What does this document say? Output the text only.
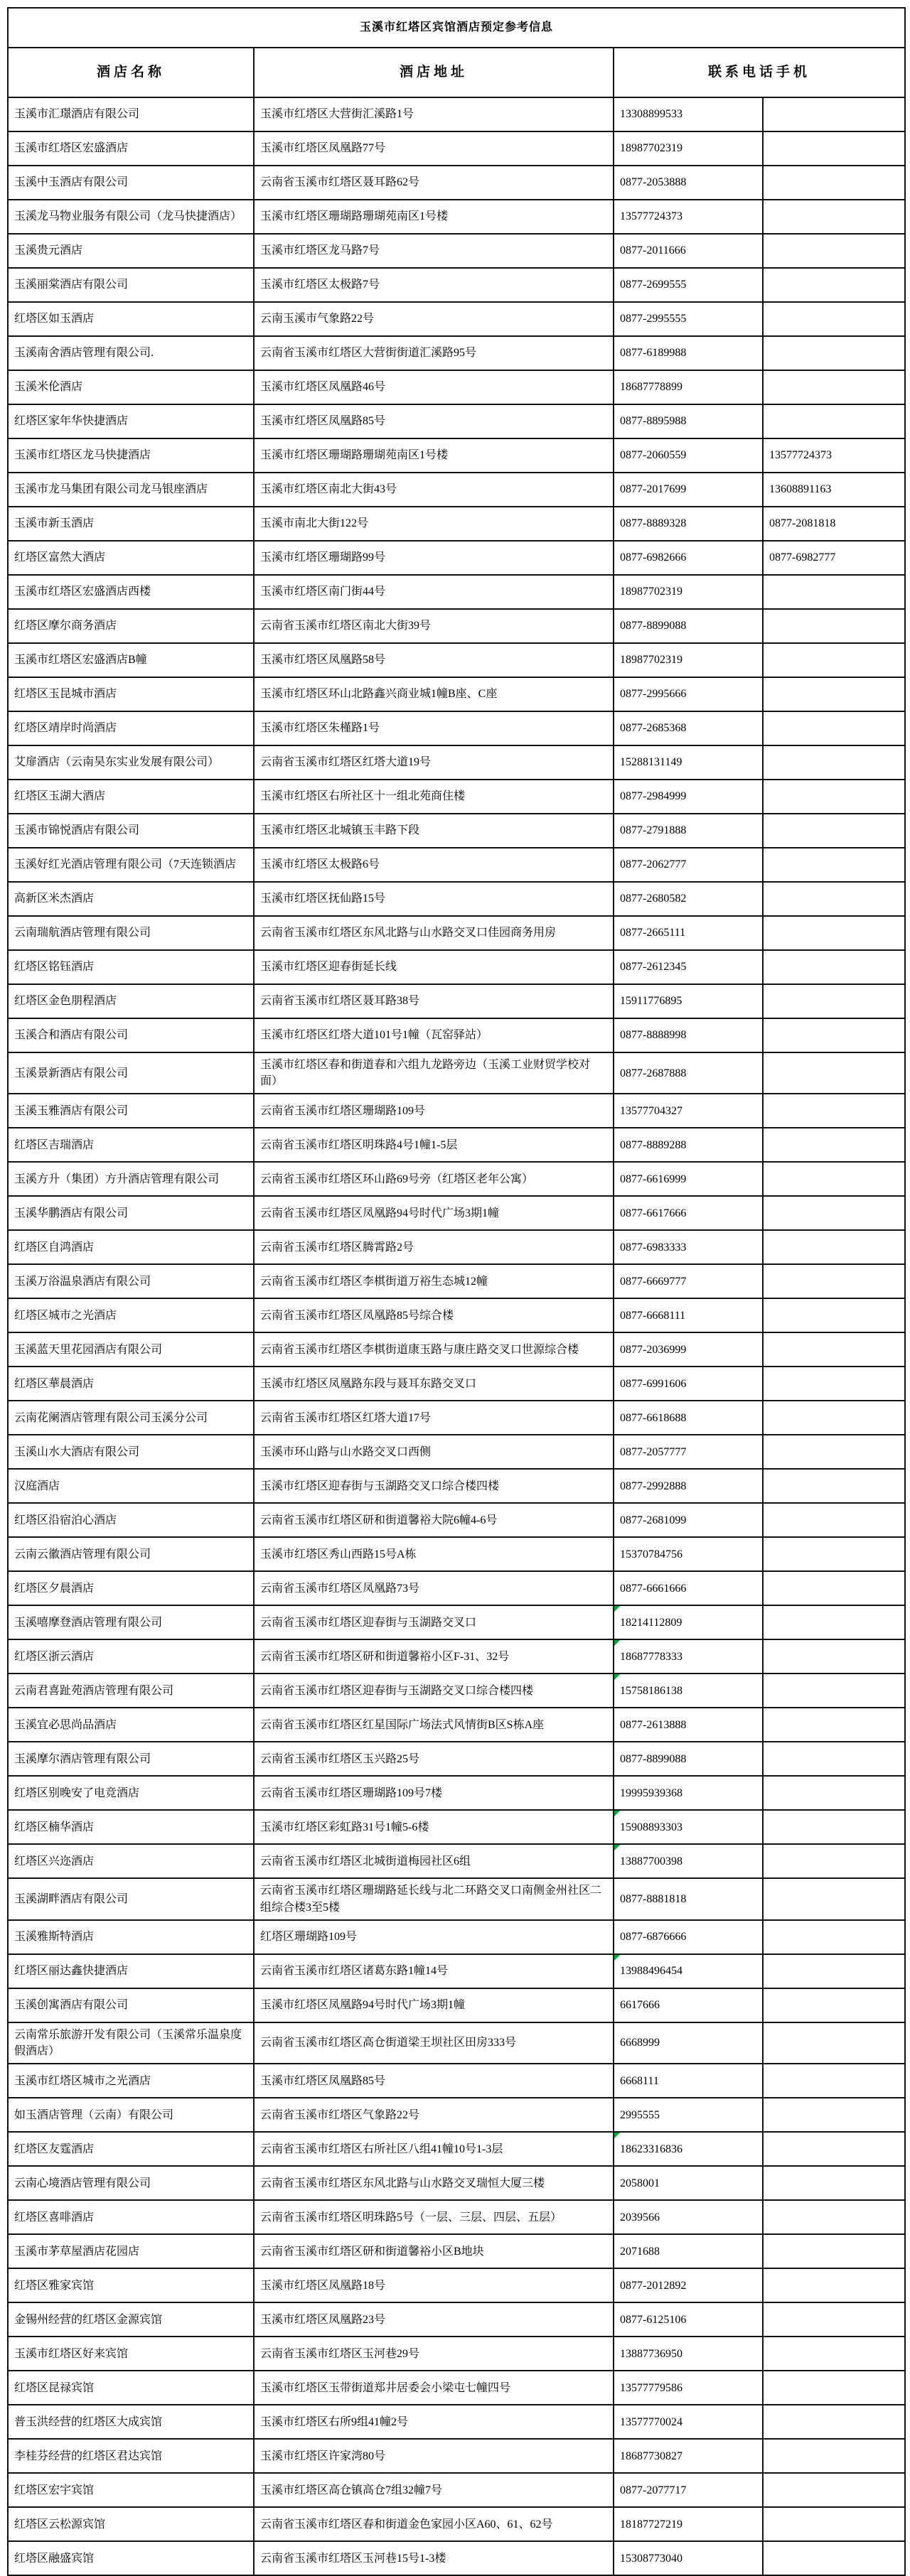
玉溪市红塔区宾馆酒店预定参考信息			
酒店名称	酒店地址	联系电话手机	
玉溪市汇璟酒店有限公司	玉溪市红塔区大营街汇溪路1号	13308899533	
玉溪市红塔区宏盛酒店	玉溪市红塔区凤凰路77号	18987702319	
玉溪中玉酒店有限公司	云南省玉溪市红塔区聂耳路62号	0877-2053888	
玉溪龙马物业服务有限公司（龙马快捷酒店）	玉溪市红塔区珊瑚路珊瑚苑南区1号楼	13577724373	
玉溪贵元酒店	玉溪市红塔区龙马路7号	0877-2011666	
玉溪丽棠酒店有限公司	玉溪市红塔区太极路7号	0877-2699555	
红塔区如玉酒店	云南玉溪市气象路22号	0877-2995555	
玉溪南舍酒店管理有限公司.	云南省玉溪市红塔区大营街街道汇溪路95号	0877-6189988	
玉溪米伦酒店	玉溪市红塔区凤凰路46号	18687778899	
红塔区家年华快捷酒店	玉溪市红塔区凤凰路85号	0877-8895988	
玉溪市红塔区龙马快捷酒店	玉溪市红塔区珊瑚路珊瑚苑南区1号楼	0877-2060559	13577724373
玉溪市龙马集团有限公司龙马银座酒店	玉溪市红塔区南北大街43号	0877-2017699	13608891163
玉溪市新玉酒店	玉溪市南北大街122号	0877-8889328	0877-2081818
红塔区富然大酒店	玉溪市红塔区珊瑚路99号	0877-6982666	0877-6982777
玉溪市红塔区宏盛酒店西楼	玉溪市红塔区南门街44号	18987702319	
红塔区摩尔商务酒店	云南省玉溪市红塔区南北大街39号	0877-8899088	
玉溪市红塔区宏盛酒店B幢	玉溪市红塔区凤凰路58号	18987702319	
红塔区玉昆城市酒店	玉溪市红塔区环山北路鑫兴商业城1幢B座、C座	0877-2995666	
红塔区靖岸时尚酒店	玉溪市红塔区朱槿路1号	0877-2685368	
艾扉酒店（云南昊东实业发展有限公司）	云南省玉溪市红塔区红塔大道19号	15288131149	
红塔区玉湖大酒店	玉溪市红塔区右所社区十一组北苑商住楼	0877-2984999	
玉溪市锦悦酒店有限公司	玉溪市红塔区北城镇玉丰路下段	0877-2791888	
玉溪好红光酒店管理有限公司（7天连锁酒店	玉溪市红塔区太极路6号	0877-2062777	
高新区米杰酒店	玉溪市红塔区抚仙路15号	0877-2680582	
云南瑞航酒店管理有限公司	云南省玉溪市红塔区东风北路与山水路交叉口佳园商务用房	0877-2665111	
红塔区铭钰酒店	玉溪市红塔区迎春街延长线	0877-2612345	
红塔区金色朋程酒店	云南省玉溪市红塔区聂耳路38号	15911776895	
玉溪合和酒店有限公司	玉溪市红塔区红塔大道101号1幢（瓦窑驿站）	0877-8888998	
玉溪景新酒店有限公司	玉溪市红塔区春和街道春和六组九龙路旁边（玉溪工业财贸学校对面）	0877-2687888	
玉溪玉雅酒店有限公司	云南省玉溪市红塔区珊瑚路109号	13577704327	
红塔区吉瑞酒店	云南省玉溪市红塔区明珠路4号1幢1-5层	0877-8889288	
玉溪方升（集团）方升酒店管理有限公司	云南省玉溪市红塔区环山路69号旁（红塔区老年公寓）	0877-6616999	
玉溪华鹏酒店有限公司	云南省玉溪市红塔区凤凰路94号时代广场3期1幢	0877-6617666	
红塔区自鸿酒店	云南省玉溪市红塔区腾霄路2号	0877-6983333	
玉溪万浴温泉酒店有限公司	云南省玉溪市红塔区李棋街道万裕生态城12幢	0877-6669777	
红塔区城市之光酒店	云南省玉溪市红塔区凤凰路85号综合楼	0877-6668111	
玉溪蓝天里花园酒店有限公司	云南省玉溪市红塔区李棋街道康玉路与康庄路交叉口世源综合楼	0877-2036999	
红塔区華晨酒店	玉溪市红塔区凤凰路东段与聂耳东路交叉口	0877-6991606	
云南花阑酒店管理有限公司玉溪分公司	云南省玉溪市红塔区红塔大道17号	0877-6618688	
玉溪山水大酒店有限公司	玉溪市环山路与山水路交叉口西侧	0877-2057777	
汉庭酒店	玉溪市红塔区迎春街与玉湖路交叉口综合楼四楼	0877-2992888	
红塔区沿宿泊心酒店	云南省玉溪市红塔区研和街道馨裕大院6幢4-6号	0877-2681099	
云南云徽酒店管理有限公司	玉溪市红塔区秀山西路15号A栋	15370784756	
红塔区夕晨酒店	云南省玉溪市红塔区凤凰路73号	0877-6661666	
玉溪嘻摩登酒店管理有限公司	云南省玉溪市红塔区迎春街与玉湖路交叉口	18214112809

红塔区浙云酒店	云南省玉溪市红塔区研和街道馨裕小区F-31、32号	18687778333

云南君喜趾苑酒店管理有限公司	云南省玉溪市红塔区迎春街与玉湖路交叉口综合楼四楼	15758186138

玉溪宜必思尚品酒店	云南省玉溪市红塔区红星国际广场法式风情街B区S栋A座	0877-2613888	
玉溪摩尔酒店管理有限公司	云南省玉溪市红塔区玉兴路25号	0877-8899088	
红塔区别晚安了电竞酒店	云南省玉溪市红塔区珊瑚路109号7楼	19995939368	
红塔区楠华酒店	玉溪市红塔区彩虹路31号1幢5-6楼	15908893303

红塔区兴迩酒店	云南省玉溪市红塔区北城街道梅园社区6组	13887700398

玉溪湖畔酒店有限公司	云南省玉溪市红塔区珊瑚路延长线与北二环路交叉口南侧金州社区二组综合楼3至5楼	0877-8881818	
玉溪雅斯特酒店	红塔区珊瑚路109号	0877-6876666	
红塔区丽达鑫快捷酒店	云南省玉溪市红塔区诸葛东路1幢14号	13988496454

玉溪创寓酒店有限公司	玉溪市红塔区凤凰路94号时代广场3期1幢	6617666	
云南常乐旅游开发有限公司（玉溪常乐温泉度假酒店）	云南省玉溪市红塔区高仓街道梁王坝社区田房333号	6668999	
玉溪市红塔区城市之光酒店	玉溪市红塔区凤凰路85号	6668111	
如玉酒店管理（云南）有限公司	云南省玉溪市红塔区气象路22号	2995555	
红塔区友霆酒店	云南省玉溪市红塔区右所社区八组41幢10号1-3层	18623316836

云南心境酒店管理有限公司	云南省玉溪市红塔区东风北路与山水路交叉瑞恒大厦三楼	2058001	
红塔区喜啡酒店	云南省玉溪市红塔区明珠路5号（一层、三层、四层、五层）	2039566	
玉溪市茅草屋酒店花园店	云南省玉溪市红塔区研和街道馨裕小区B地块	2071688	
红塔区雅家宾馆	玉溪市红塔区凤凰路18号	0877-2012892	
金锡州经营的红塔区金源宾馆	玉溪市红塔区凤凰路23号	0877-6125106	
玉溪市红塔区好来宾馆	云南省玉溪市红塔区玉河巷29号	13887736950	
红塔区昆禄宾馆	玉溪市红塔区玉带街道郑井居委会小梁屯七幢四号	13577779586	
普玉洪经营的红塔区大成宾馆	玉溪市红塔区右所9组41幢2号	13577770024	
李桂芬经营的红塔区君达宾馆	玉溪市红塔区许家湾80号	18687730827	
红塔区宏宇宾馆	玉溪市红塔区高仓镇高仓7组32幢7号	0877-2077717	
红塔区云松源宾馆	云南省玉溪市红塔区春和街道金色家园小区A60、61、62号	18187727219	
红塔区融盛宾馆	云南省玉溪市红塔区玉河巷15号1-3楼	15308773040	
